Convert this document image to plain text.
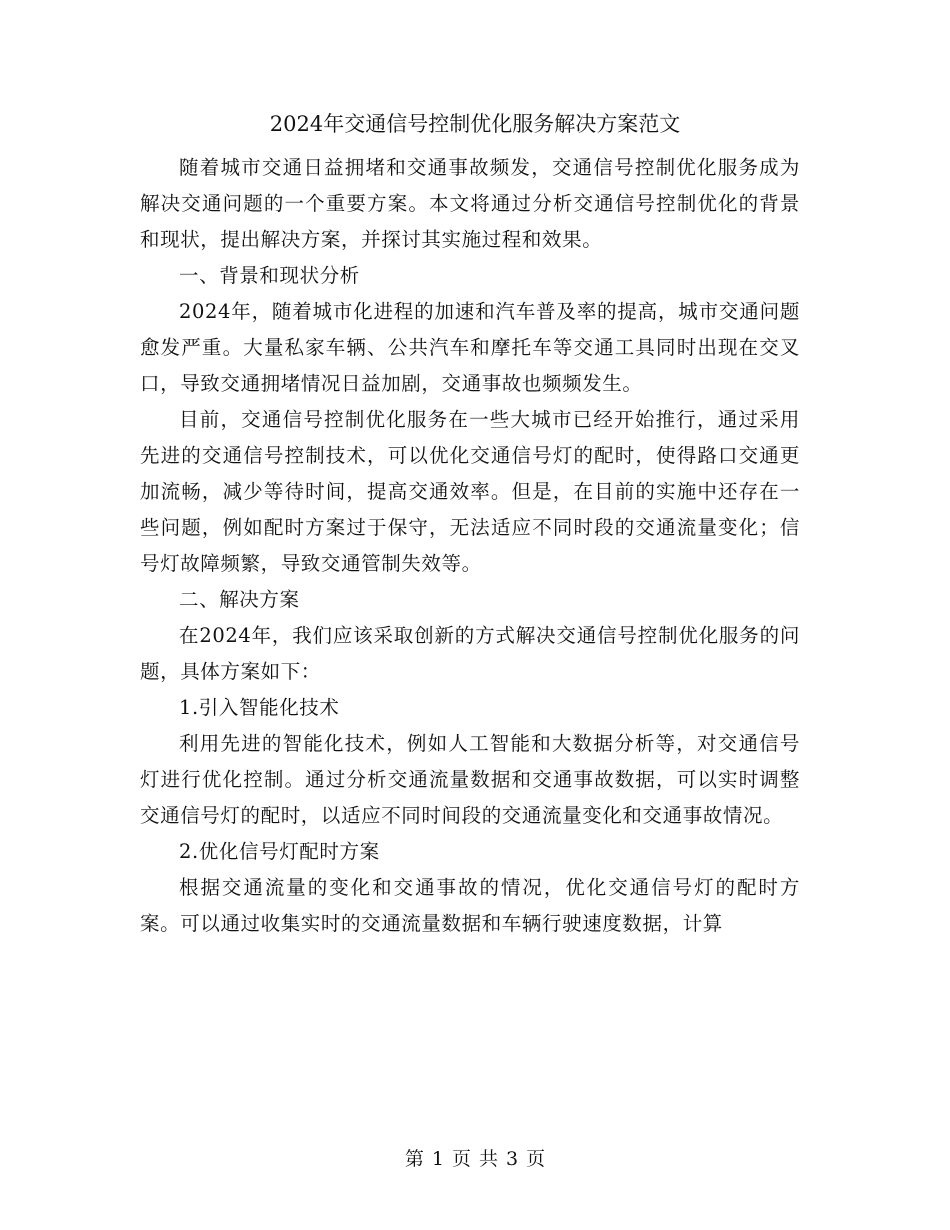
2024年交通信号控制优化服务解决方案范文

随着城市交通日益拥堵和交通事故频发，交通信号控制优化服务成为解决交通问题的一个重要方案。本文将通过分析交通信号控制优化的背景和现状，提出解决方案，并探讨其实施过程和效果。

一、背景和现状分析

2024年，随着城市化进程的加速和汽车普及率的提高，城市交通问题愈发严重。大量私家车辆、公共汽车和摩托车等交通工具同时出现在交叉口，导致交通拥堵情况日益加剧，交通事故也频频发生。

目前，交通信号控制优化服务在一些大城市已经开始推行，通过采用先进的交通信号控制技术，可以优化交通信号灯的配时，使得路口交通更加流畅，减少等待时间，提高交通效率。但是，在目前的实施中还存在一些问题，例如配时方案过于保守，无法适应不同时段的交通流量变化；信号灯故障频繁，导致交通管制失效等。

二、解决方案

在2024年，我们应该采取创新的方式解决交通信号控制优化服务的问题，具体方案如下：

1.引入智能化技术

利用先进的智能化技术，例如人工智能和大数据分析等，对交通信号灯进行优化控制。通过分析交通流量数据和交通事故数据，可以实时调整交通信号灯的配时，以适应不同时间段的交通流量变化和交通事故情况。

2.优化信号灯配时方案

根据交通流量的变化和交通事故的情况，优化交通信号灯的配时方案。可以通过收集实时的交通流量数据和车辆行驶速度数据，计算

第 1 页 共 3 页
